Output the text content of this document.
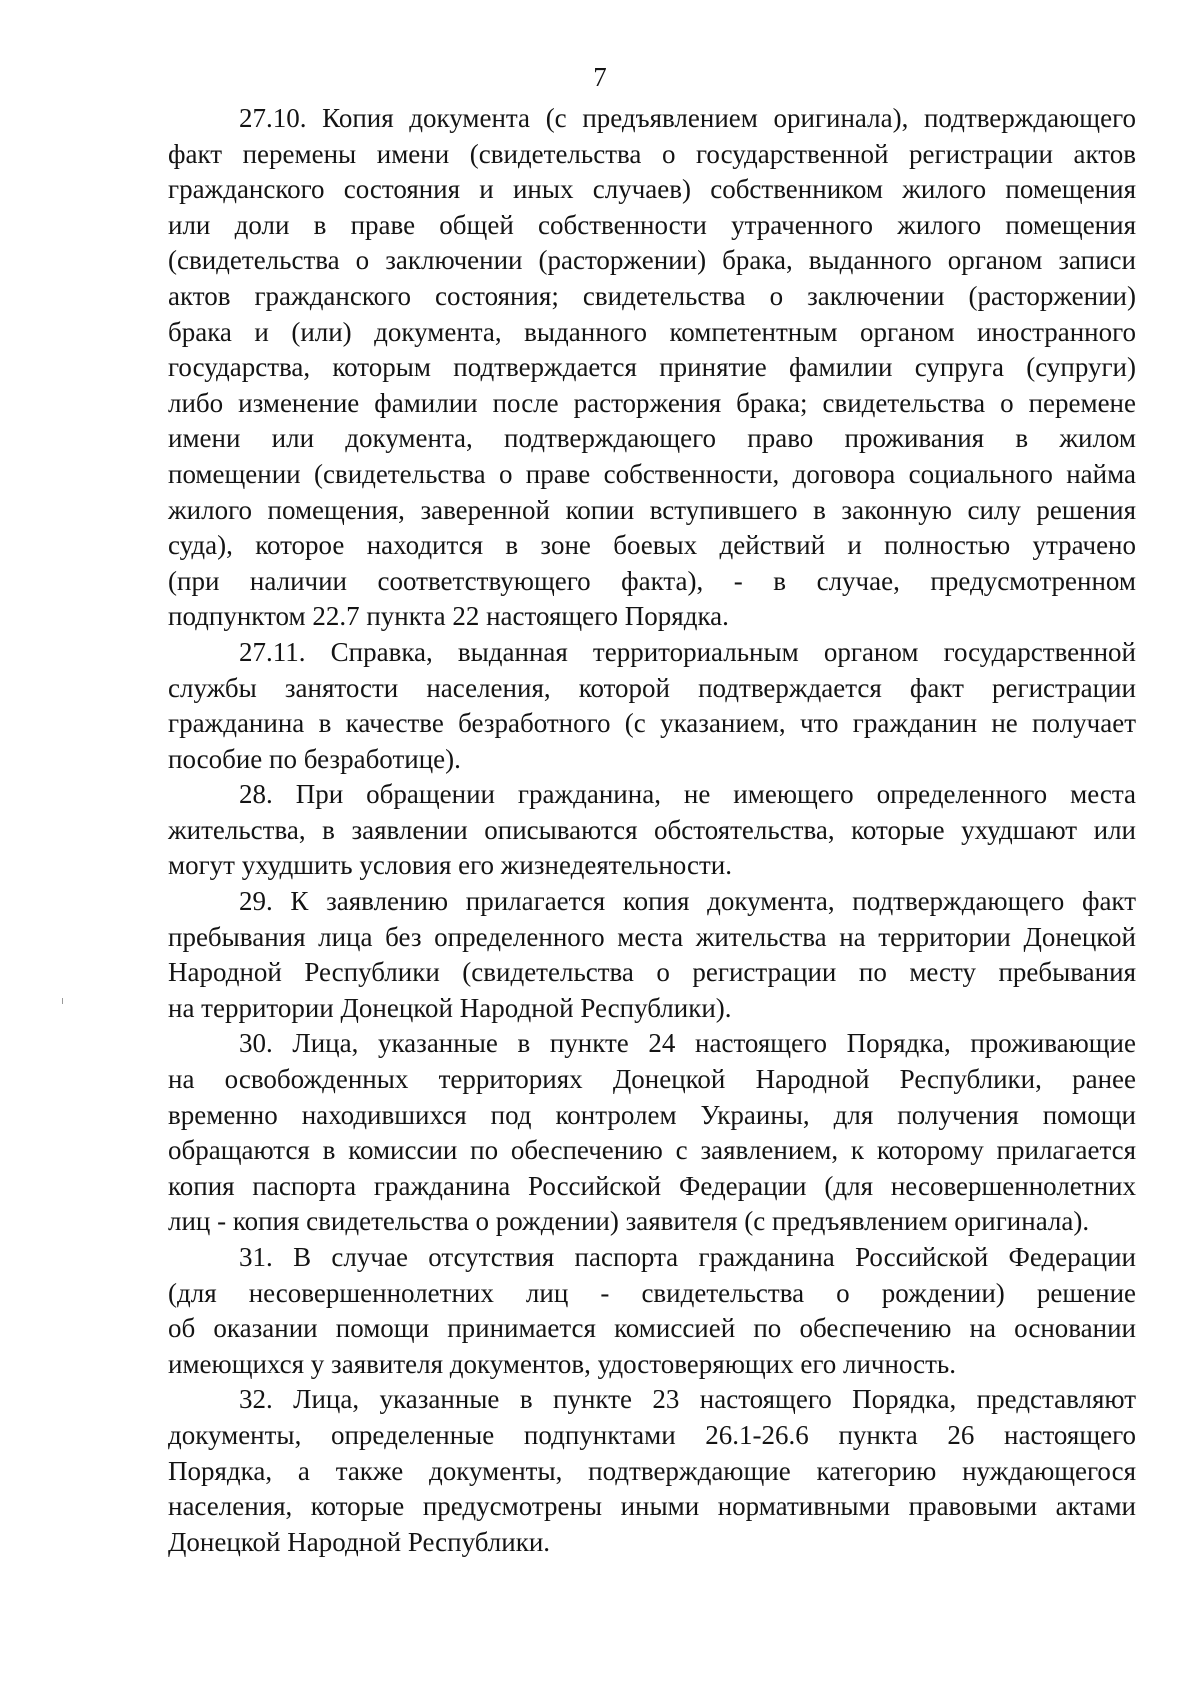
7
27.10. Копия документа (с предъявлением оригинала), подтверждающего
факт перемены имени (свидетельства о государственной регистрации актов
гражданского состояния и иных случаев) собственником жилого помещения
или доли в праве общей собственности утраченного жилого помещения
(свидетельства о заключении (расторжении) брака, выданного органом записи
актов гражданского состояния; свидетельства о заключении (расторжении)
брака и (или) документа, выданного компетентным органом иностранного
государства, которым подтверждается принятие фамилии супруга (супруги)
либо изменение фамилии после расторжения брака; свидетельства о перемене
имени или документа, подтверждающего право проживания в жилом
помещении (свидетельства о праве собственности, договора социального найма
жилого помещения, заверенной копии вступившего в законную силу решения
суда), которое находится в зоне боевых действий и полностью утрачено
(при наличии соответствующего факта), - в случае, предусмотренном
подпунктом 22.7 пункта 22 настоящего Порядка.
27.11. Справка, выданная территориальным органом государственной
службы занятости населения, которой подтверждается факт регистрации
гражданина в качестве безработного (с указанием, что гражданин не получает
пособие по безработице).
28. При обращении гражданина, не имеющего определенного места
жительства, в заявлении описываются обстоятельства, которые ухудшают или
могут ухудшить условия его жизнедеятельности.
29. К заявлению прилагается копия документа, подтверждающего факт
пребывания лица без определенного места жительства на территории Донецкой
Народной Республики (свидетельства о регистрации по месту пребывания
на территории Донецкой Народной Республики).
30. Лица, указанные в пункте 24 настоящего Порядка, проживающие
на освобожденных территориях Донецкой Народной Республики, ранее
временно находившихся под контролем Украины, для получения помощи
обращаются в комиссии по обеспечению с заявлением, к которому прилагается
копия паспорта гражданина Российской Федерации (для несовершеннолетних
лиц - копия свидетельства о рождении) заявителя (с предъявлением оригинала).
31. В случае отсутствия паспорта гражданина Российской Федерации
(для несовершеннолетних лиц - свидетельства о рождении) решение
об оказании помощи принимается комиссией по обеспечению на основании
имеющихся у заявителя документов, удостоверяющих его личность.
32. Лица, указанные в пункте 23 настоящего Порядка, представляют
документы, определенные подпунктами 26.1-26.6 пункта 26 настоящего
Порядка, а также документы, подтверждающие категорию нуждающегося
населения, которые предусмотрены иными нормативными правовыми актами
Донецкой Народной Республики.
